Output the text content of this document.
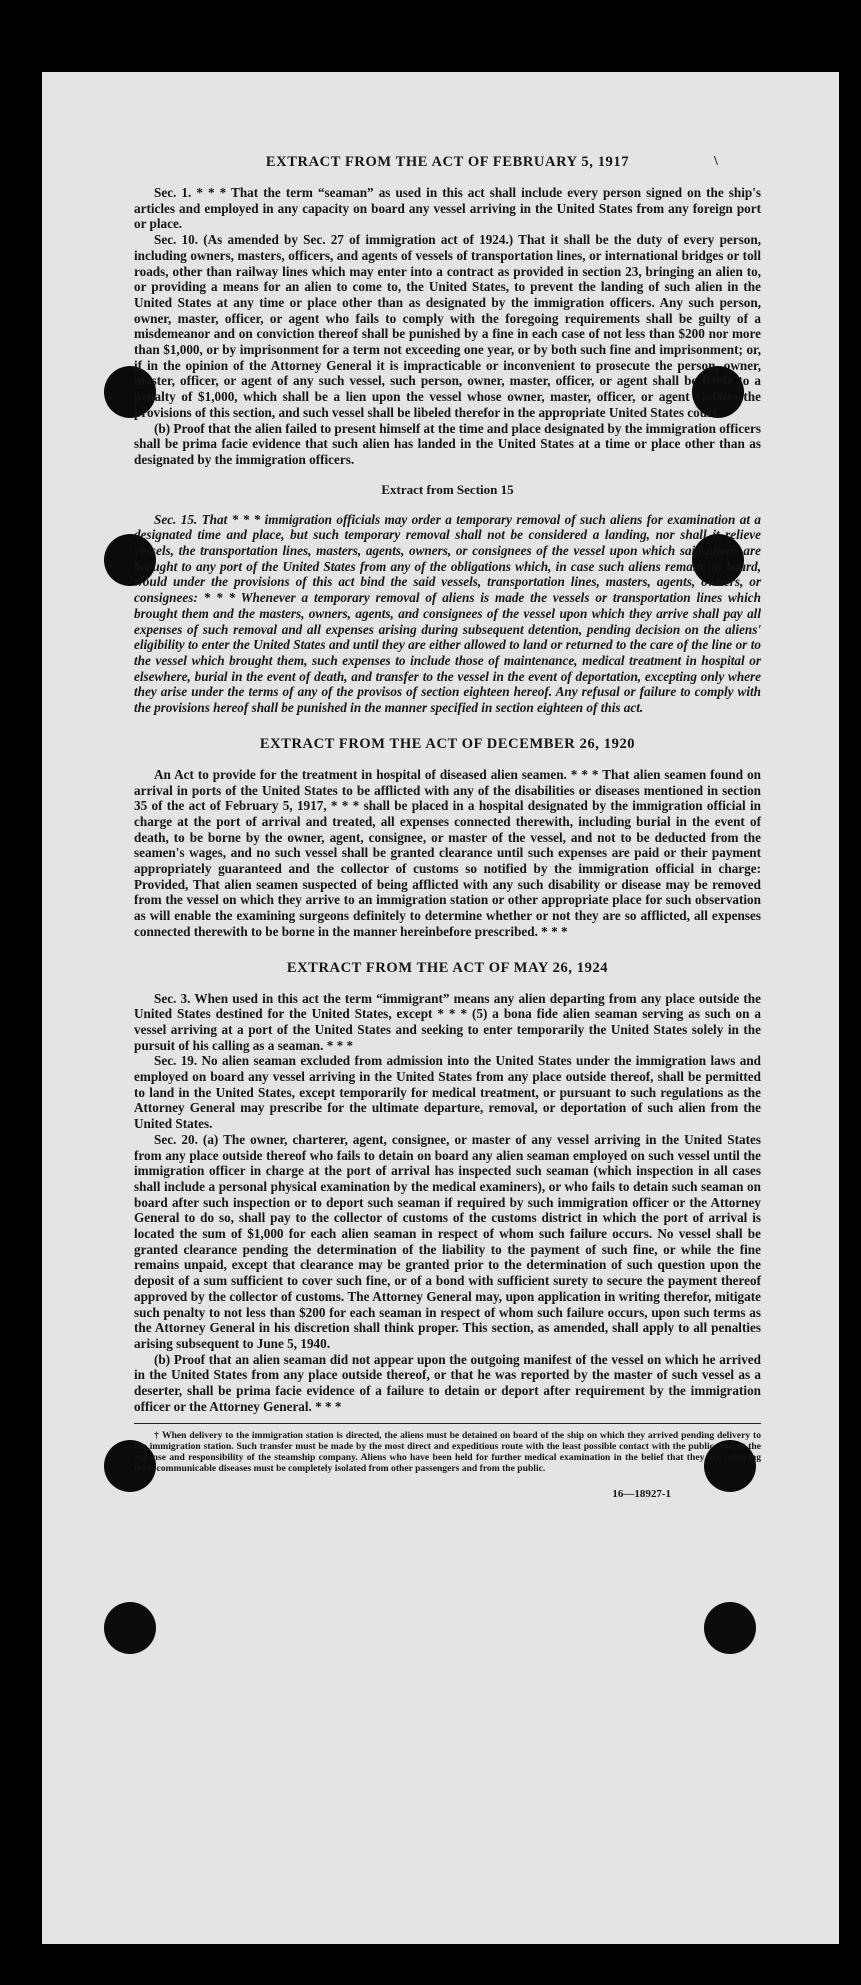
\
EXTRACT FROM THE ACT OF FEBRUARY 5, 1917

Sec. 1. * * * That the term “seaman” as used in this act shall include every person signed on the ship's articles and employed in any capacity on board any vessel arriving in the United States from any foreign port or place.

Sec. 10. (As amended by Sec. 27 of immigration act of 1924.) That it shall be the duty of every person, including owners, masters, officers, and agents of vessels of transportation lines, or international bridges or toll roads, other than railway lines which may enter into a contract as provided in section 23, bringing an alien to, or providing a means for an alien to come to, the United States, to prevent the landing of such alien in the United States at any time or place other than as designated by the immigration officers. Any such person, owner, master, officer, or agent who fails to comply with the foregoing requirements shall be guilty of a misdemeanor and on conviction thereof shall be punished by a fine in each case of not less than $200 nor more than $1,000, or by imprisonment for a term not exceeding one year, or by both such fine and imprisonment; or, if in the opinion of the Attorney General it is impracticable or inconvenient to prosecute the person, owner, master, officer, or agent of any such vessel, such person, owner, master, officer, or agent shall be liable to a penalty of $1,000, which shall be a lien upon the vessel whose owner, master, officer, or agent violates the provisions of this section, and such vessel shall be libeled therefor in the appropriate United States court.

(b) Proof that the alien failed to present himself at the time and place designated by the immigration officers shall be prima facie evidence that such alien has landed in the United States at a time or place other than as designated by the immigration officers.

Extract from Section 15

Sec. 15. That * * * immigration officials may order a temporary removal of such aliens for examination at a designated time and place, but such temporary removal shall not be considered a landing, nor shall it relieve vessels, the transportation lines, masters, agents, owners, or consignees of the vessel upon which said aliens are brought to any port of the United States from any of the obligations which, in case such aliens remain on board, would under the provisions of this act bind the said vessels, transportation lines, masters, agents, owners, or consignees: * * * Whenever a temporary removal of aliens is made the vessels or transportation lines which brought them and the masters, owners, agents, and consignees of the vessel upon which they arrive shall pay all expenses of such removal and all expenses arising during subsequent detention, pending decision on the aliens' eligibility to enter the United States and until they are either allowed to land or returned to the care of the line or to the vessel which brought them, such expenses to include those of maintenance, medical treatment in hospital or elsewhere, burial in the event of death, and transfer to the vessel in the event of deportation, excepting only where they arise under the terms of any of the provisos of section eighteen hereof. Any refusal or failure to comply with the provisions hereof shall be punished in the manner specified in section eighteen of this act.

EXTRACT FROM THE ACT OF DECEMBER 26, 1920

An Act to provide for the treatment in hospital of diseased alien seamen. * * * That alien seamen found on arrival in ports of the United States to be afflicted with any of the disabilities or diseases mentioned in section 35 of the act of February 5, 1917, * * * shall be placed in a hospital designated by the immigration official in charge at the port of arrival and treated, all expenses connected therewith, including burial in the event of death, to be borne by the owner, agent, consignee, or master of the vessel, and not to be deducted from the seamen's wages, and no such vessel shall be granted clearance until such expenses are paid or their payment appropriately guaranteed and the collector of customs so notified by the immigration official in charge: Provided, That alien seamen suspected of being afflicted with any such disability or disease may be removed from the vessel on which they arrive to an immigration station or other appropriate place for such observation as will enable the examining surgeons definitely to determine whether or not they are so afflicted, all expenses connected therewith to be borne in the manner hereinbefore prescribed. * * *

EXTRACT FROM THE ACT OF MAY 26, 1924

Sec. 3. When used in this act the term “immigrant” means any alien departing from any place outside the United States destined for the United States, except * * * (5) a bona fide alien seaman serving as such on a vessel arriving at a port of the United States and seeking to enter temporarily the United States solely in the pursuit of his calling as a seaman. * * *

Sec. 19. No alien seaman excluded from admission into the United States under the immigration laws and employed on board any vessel arriving in the United States from any place outside thereof, shall be permitted to land in the United States, except temporarily for medical treatment, or pursuant to such regulations as the Attorney General may prescribe for the ultimate departure, removal, or deportation of such alien from the United States.

Sec. 20. (a) The owner, charterer, agent, consignee, or master of any vessel arriving in the United States from any place outside thereof who fails to detain on board any alien seaman employed on such vessel until the immigration officer in charge at the port of arrival has inspected such seaman (which inspection in all cases shall include a personal physical examination by the medical examiners), or who fails to detain such seaman on board after such inspection or to deport such seaman if required by such immigration officer or the Attorney General to do so, shall pay to the collector of customs of the customs district in which the port of arrival is located the sum of $1,000 for each alien seaman in respect of whom such failure occurs. No vessel shall be granted clearance pending the determination of the liability to the payment of such fine, or while the fine remains unpaid, except that clearance may be granted prior to the determination of such question upon the deposit of a sum sufficient to cover such fine, or of a bond with sufficient surety to secure the payment thereof approved by the collector of customs. The Attorney General may, upon application in writing therefor, mitigate such penalty to not less than $200 for each seaman in respect of whom such failure occurs, upon such terms as the Attorney General in his discretion shall think proper. This section, as amended, shall apply to all penalties arising subsequent to June 5, 1940.

(b) Proof that an alien seaman did not appear upon the outgoing manifest of the vessel on which he arrived in the United States from any place outside thereof, or that he was reported by the master of such vessel as a deserter, shall be prima facie evidence of a failure to detain or deport after requirement by the immigration officer or the Attorney General. * * *

† When delivery to the immigration station is directed, the aliens must be detained on board of the ship on which they arrived pending delivery to the immigration station. Such transfer must be made by the most direct and expeditious route with the least possible contact with the public, and at the expense and responsibility of the steamship company. Aliens who have been held for further medical examination in the belief that they are suffering from communicable diseases must be completely isolated from other passengers and from the public.

16—18927-1
